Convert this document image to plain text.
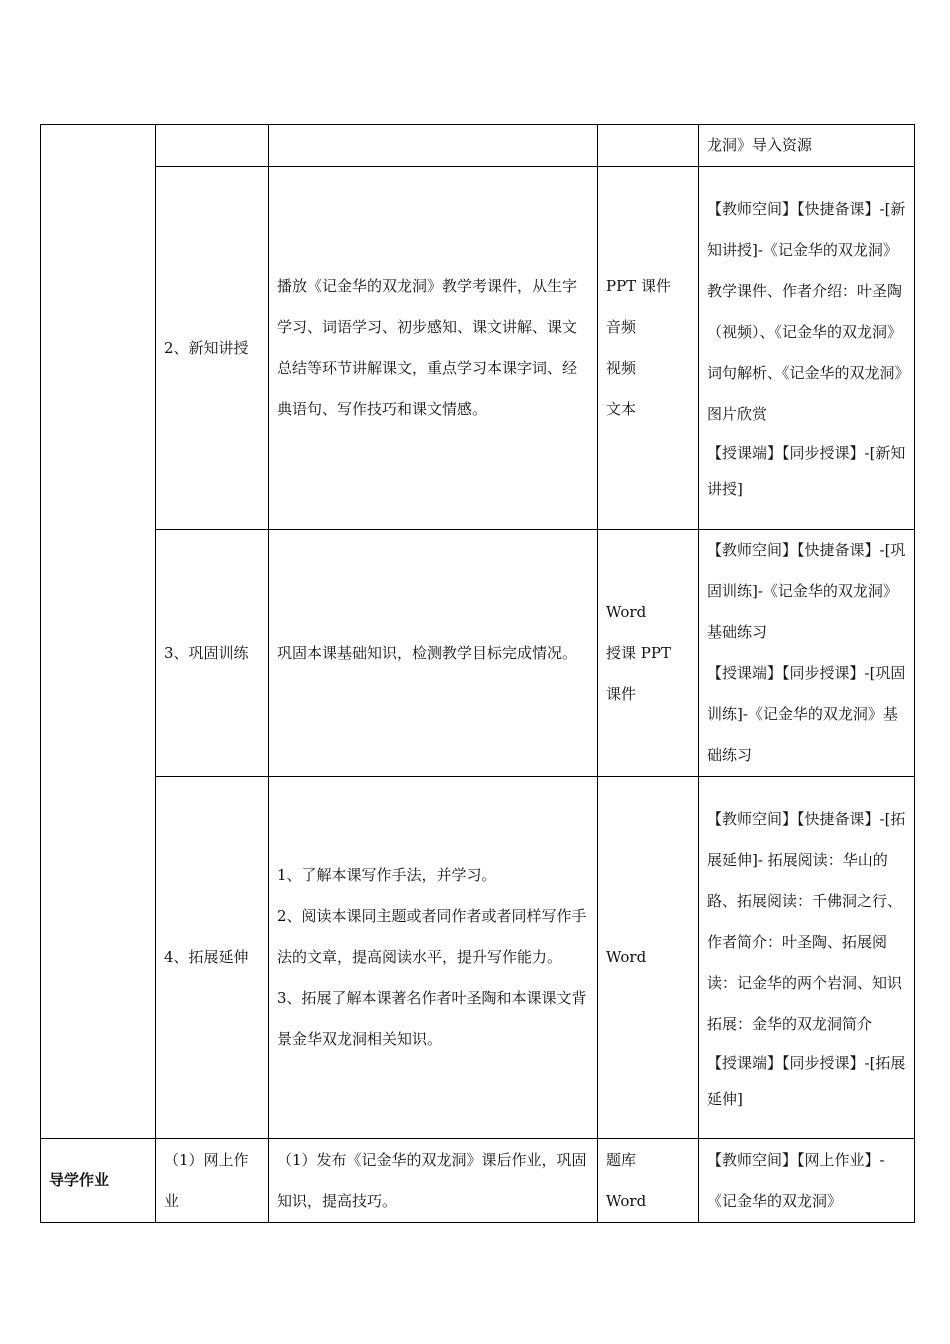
				龙洞》导入资源

	2、新知讲授	播放《记金华的双龙洞》教学考课件，从生字学习、词语学习、初步感知、课文讲解、课文总结等环节讲解课文，重点学习本课字词、经典语句、写作技巧和课文情感。	PPT 课件
音频
视频
文本	【教师空间】【快捷备课】-[新知讲授]-《记金华的双龙洞》教学课件、作者介绍：叶圣陶（视频）、《记金华的双龙洞》词句解析、《记金华的双龙洞》图片欣赏
【授课端】【同步授课】-[新知讲授]

	3、巩固训练	巩固本课基础知识，检测教学目标完成情况。	Word
授课 PPT 课件	【教师空间】【快捷备课】-[巩固训练]-《记金华的双龙洞》基础练习
【授课端】【同步授课】-[巩固训练]-《记金华的双龙洞》基础练习

	4、拓展延伸	1、了解本课写作手法，并学习。
2、阅读本课同主题或者同作者或者同样写作手法的文章，提高阅读水平，提升写作能力。
3、拓展了解本课著名作者叶圣陶和本课课文背景金华双龙洞相关知识。	Word	【教师空间】【快捷备课】-[拓展延伸]- 拓展阅读：华山的路、拓展阅读：千佛洞之行、作者简介：叶圣陶、拓展阅读：记金华的两个岩洞、知识拓展：金华的双龙洞简介
【授课端】【同步授课】-[拓展延伸]

导学作业	（1）网上作业	（1）发布《记金华的双龙洞》课后作业，巩固知识，提高技巧。	题库
Word	【教师空间】【网上作业】-《记金华的双龙洞》
